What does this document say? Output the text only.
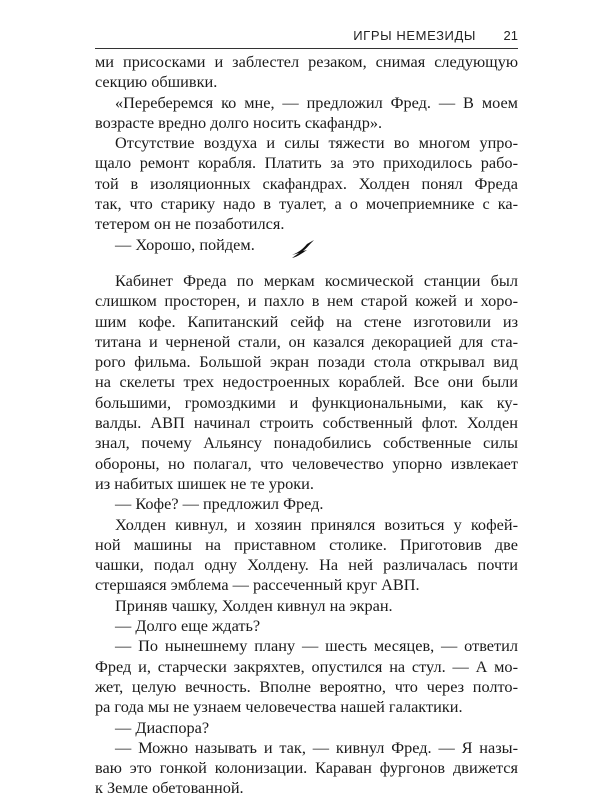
ИГРЫ НЕМЕЗИДЫ 21
ми присосками и заблестел резаком, снимая следующую
секцию обшивки.
«Переберемся ко мне, — предложил Фред. — В моем
возрасте вредно долго носить скафандр».
Отсутствие воздуха и силы тяжести во многом упро-
щало ремонт корабля. Платить за это приходилось рабо-
той в изоляционных скафандрах. Холден понял Фреда
так, что старику надо в туалет, а о мочеприемнике с ка-
тетером он не позаботился.
— Хорошо, пойдем.
Кабинет Фреда по меркам космической станции был
слишком просторен, и пахло в нем старой кожей и хоро-
шим кофе. Капитанский сейф на стене изготовили из
титана и черненой стали, он казался декорацией для ста-
рого фильма. Большой экран позади стола открывал вид
на скелеты трех недостроенных кораблей. Все они были
большими, громоздкими и функциональными, как ку-
валды. АВП начинал строить собственный флот. Холден
знал, почему Альянсу понадобились собственные силы
обороны, но полагал, что человечество упорно извлекает
из набитых шишек не те уроки.
— Кофе? — предложил Фред.
Холден кивнул, и хозяин принялся возиться у кофей-
ной машины на приставном столике. Приготовив две
чашки, подал одну Холдену. На ней различалась почти
стершаяся эмблема — рассеченный круг АВП.
Приняв чашку, Холден кивнул на экран.
— Долго еще ждать?
— По нынешнему плану — шесть месяцев, — ответил
Фред и, старчески закряхтев, опустился на стул. — А мо-
жет, целую вечность. Вполне вероятно, что через полто-
ра года мы не узнаем человечества нашей галактики.
— Диаспора?
— Можно называть и так, — кивнул Фред. — Я назы-
ваю это гонкой колонизации. Караван фургонов движется
к Земле обетованной.
